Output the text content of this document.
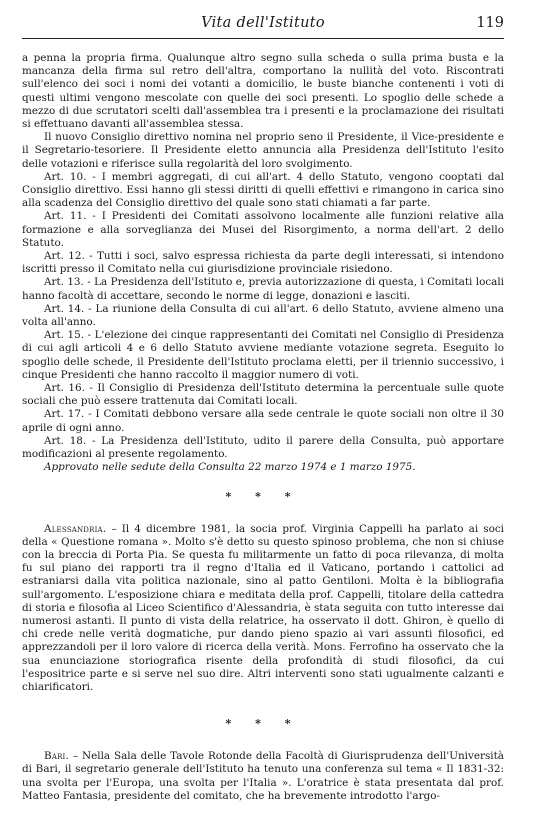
Vita dell'Istituto	119

a penna la propria firma. Qualunque altro segno sulla scheda o sulla prima busta e la mancanza della firma sul retro dell'altra, comportano la nullità del voto. Riscontrati sull'elenco dei soci i nomi dei votanti a domicilio, le buste bianche contenenti i voti di questi ultimi vengono mescolate con quelle dei soci presenti. Lo spoglio delle schede a mezzo di due scrutatori scelti dall'assemblea tra i presenti e la proclamazione dei risultati si effettuano davanti all'assemblea stessa.

Il nuovo Consiglio direttivo nomina nel proprio seno il Presidente, il Vice-presidente e il Segretario-tesoriere. Il Presidente eletto annuncia alla Presidenza dell'Istituto l'esito delle votazioni e riferisce sulla regolarità del loro svolgimento.

Art. 10. - I membri aggregati, di cui all'art. 4 dello Statuto, vengono cooptati dal Consiglio direttivo. Essi hanno gli stessi diritti di quelli effettivi e rimangono in carica sino alla scadenza del Consiglio direttivo del quale sono stati chiamati a far parte.

Art. 11. - I Presidenti dei Comitati assolvono localmente alle funzioni relative alla formazione e alla sorveglianza dei Musei del Risorgimento, a norma dell'art. 2 dello Statuto.

Art. 12. - Tutti i soci, salvo espressa richiesta da parte degli interessati, si intendono iscritti presso il Comitato nella cui giurisdizione provinciale risiedono.

Art. 13. - La Presidenza dell'Istituto e, previa autorizzazione di questa, i Comitati locali hanno facoltà di accettare, secondo le norme di legge, donazioni e lasciti.

Art. 14. - La riunione della Consulta di cui all'art. 6 dello Statuto, avviene almeno una volta all'anno.

Art. 15. - L'elezione dei cinque rappresentanti dei Comitati nel Consiglio di Presidenza di cui agli articoli 4 e 6 dello Statuto avviene mediante votazione segreta. Eseguito lo spoglio delle schede, il Presidente dell'Istituto proclama eletti, per il triennio successivo, i cinque Presidenti che hanno raccolto il maggior numero di voti.

Art. 16. - Il Consiglio di Presidenza dell'Istituto determina la percentuale sulle quote sociali che può essere trattenuta dai Comitati locali.

Art. 17. - I Comitati debbono versare alla sede centrale le quote sociali non oltre il 30 aprile di ogni anno.

Art. 18. - La Presidenza dell'Istituto, udito il parere della Consulta, può apportare modificazioni al presente regolamento.

Approvato nelle sedute della Consulta 22 marzo 1974 e 1 marzo 1975.

* * *

Alessandria. – Il 4 dicembre 1981, la socia prof. Virginia Cappelli ha parlato ai soci della « Questione romana ». Molto s'è detto su questo spinoso problema, che non si chiuse con la breccia di Porta Pia. Se questa fu militarmente un fatto di poca rilevanza, di molta fu sul piano dei rapporti tra il regno d'Italia ed il Vaticano, portando i cattolici ad estraniarsi dalla vita politica nazionale, sino al patto Gentiloni. Molta è la bibliografia sull'argomento. L'esposizione chiara e meditata della prof. Cappelli, titolare della cattedra di storia e filosofia al Liceo Scientifico d'Alessandria, è stata seguita con tutto interesse dai numerosi astanti. Il punto di vista della relatrice, ha osservato il dott. Ghiron, è quello di chi crede nelle verità dogmatiche, pur dando pieno spazio ai vari assunti filosofici, ed apprezzandoli per il loro valore di ricerca della verità. Mons. Ferrofino ha osservato che la sua enunciazione storiografica risente della profondità di studi filosofici, da cui l'espositrice parte e si serve nel suo dire. Altri interventi sono stati ugualmente calzanti e chiarificatori.

* * *

Bari. – Nella Sala delle Tavole Rotonde della Facoltà di Giurisprudenza dell'Università di Bari, il segretario generale dell'Istituto ha tenuto una conferenza sul tema « Il 1831-32: una svolta per l'Europa, una svolta per l'Italia ». L'oratrice è stata presentata dal prof. Matteo Fantasia, presidente del comitato, che ha brevemente introdotto l'argo-
